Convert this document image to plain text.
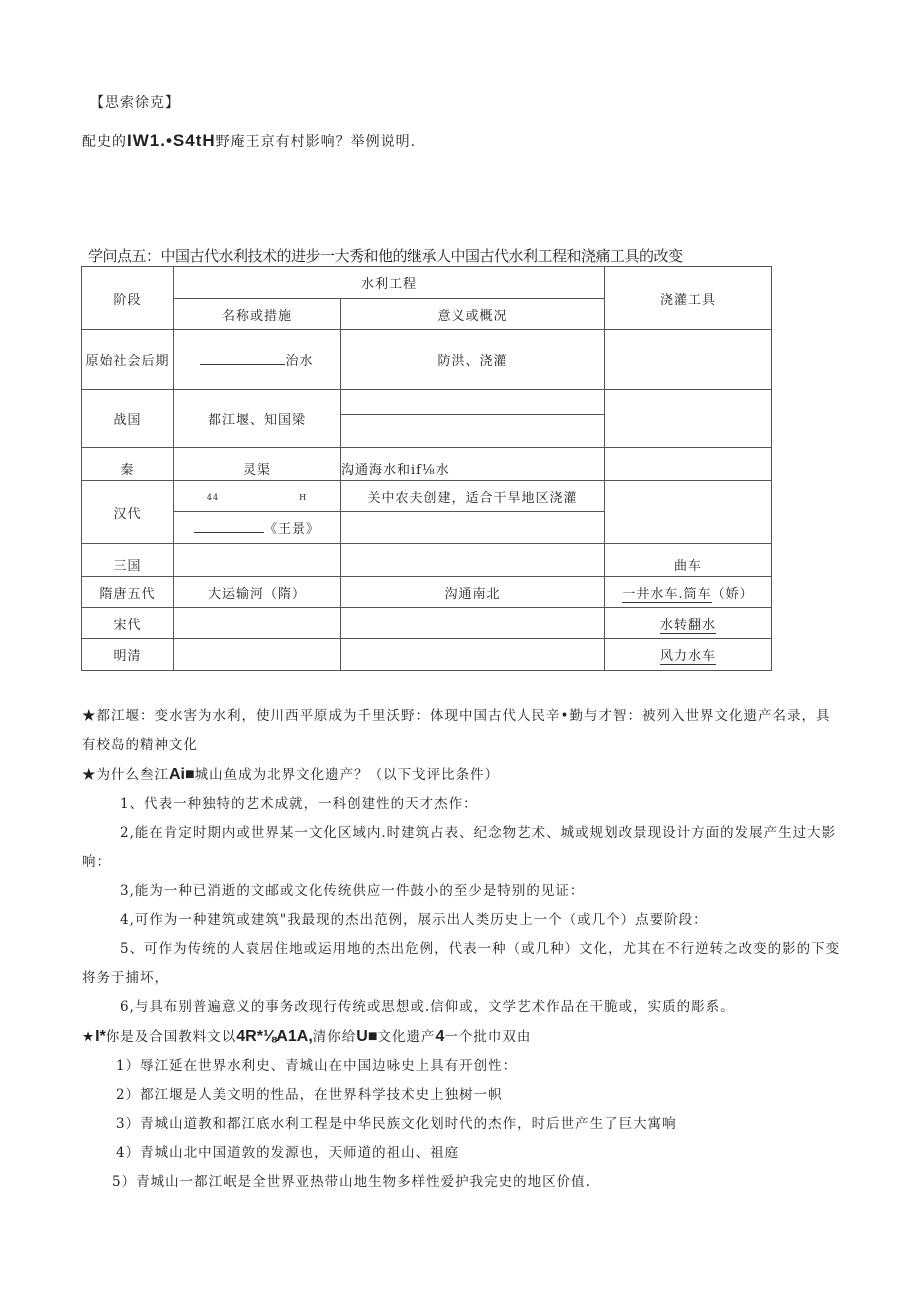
【思索徐克】
配史的IW1.•S4tH野庵王京有村影响？举例说明.
学问点五：中国古代水利技术的进步一大秀和他的继承人中国古代水利工程和浇痛工具的改变
阶段	水利工程		浇灌工具
	名称或措施	意义或概况	
原始社会后期	治水	防洪、浇灌	
战国	都江堰、知国梁	

秦	灵渠	沟通海水和if⅛水	
汉代	44 H	关中农夫创建，适合干旱地区浇灌	
	《王景》		
三国			曲车
隋唐五代	大运输河（隋）	沟通南北	一井水车.筒车（娇）
宋代			水转翻水
明清			风力水车

★都江堰：变水害为水利，使川西平原成为千里沃野：体现中国古代人民辛•勤与才智：被列入世界文化遗产名录，具有校岛的精神文化

★为什么叁江Ai■城山鱼成为北界文化遗产？（以下戈评比条件）

1、代表一种独特的艺术成就，一科创建性的天才杰作：

2,能在肯定时期内或世界某一文化区域内.时建筑占表、纪念物艺术、城或规划改景现设计方面的发展产生过大影响：

3,能为一种已消逝的文邮或文化传统供应一件鼓小的至少是特别的见证：

4,可作为一种建筑或建筑"我最现的杰出范例，展示出人类历史上一个（或几个）点要阶段：

5、可作为传统的人袁居住地或运用地的杰出危例，代表一种（或几种）文化，尤其在不行逆转之改变的影的下变将务于捕坏，

6,与具布别普遍意义的事务改现行传统或思想或.信仰或，文学艺术作品在干脆或，实质的彫系。

★I*你是及合国教料文以4R*⅛A1A,清你给U■文化遗产4一个批巾双由

1）辱江延在世界水利史、青城山在中国边咏史上具有开创性：

2）都江堰是人美文明的性品，在世界科学技术史上独树一帜

3）青城山道教和都江底水利工程是中华民族文化划时代的杰作，时后世产生了巨大寓响

4）青城山北中国道敦的发源也，天师道的祖山、祖庭

5）青城山一都江岷是全世界亚热带山地生物多样性爱护我完史的地区价值.
